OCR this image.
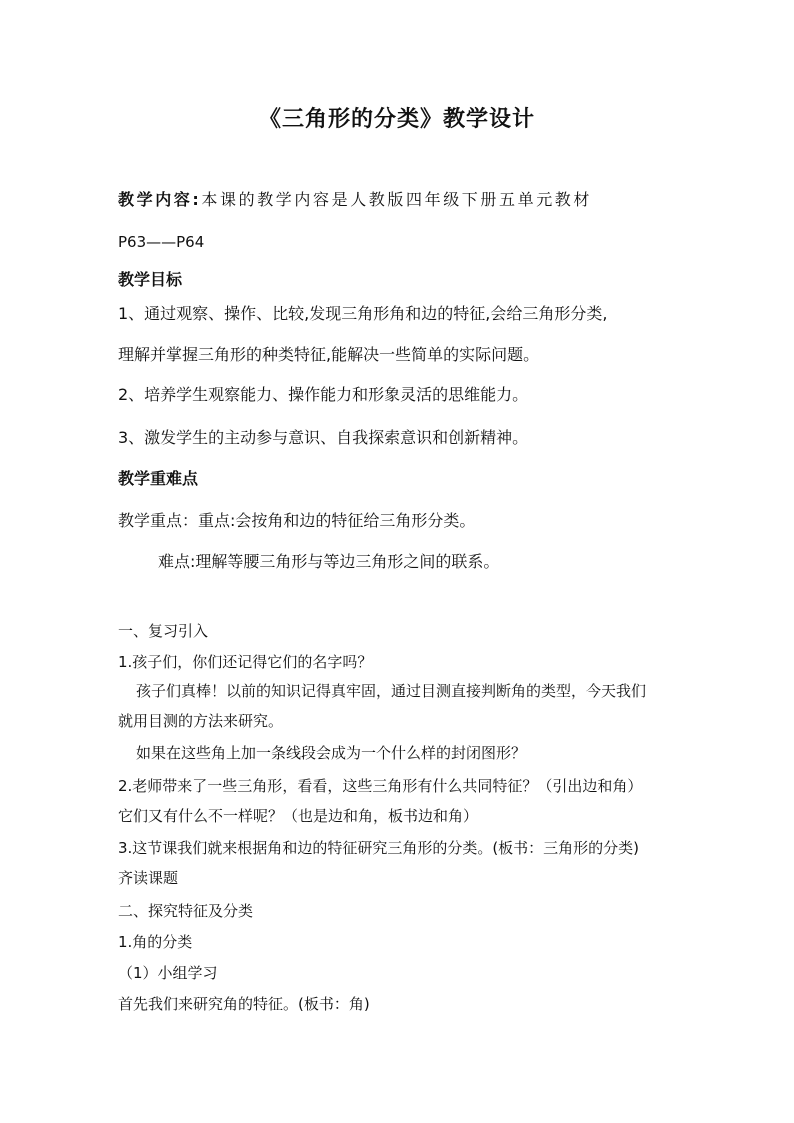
《三角形的分类》教学设计
教学内容:本课的教学内容是人教版四年级下册五单元教材
P63——P64
教学目标
1、通过观察、操作、比较,发现三角形角和边的特征,会给三角形分类,
理解并掌握三角形的种类特征,能解决一些简单的实际问题。
2、培养学生观察能力、操作能力和形象灵活的思维能力。
3、激发学生的主动参与意识、自我探索意识和创新精神。
教学重难点
教学重点：重点:会按角和边的特征给三角形分类。
难点:理解等腰三角形与等边三角形之间的联系。
一、复习引入
1.孩子们，你们还记得它们的名字吗？
孩子们真棒！以前的知识记得真牢固，通过目测直接判断角的类型，今天我们
就用目测的方法来研究。
如果在这些角上加一条线段会成为一个什么样的封闭图形？
2.老师带来了一些三角形，看看，这些三角形有什么共同特征？（引出边和角）
它们又有什么不一样呢？（也是边和角，板书边和角）
3.这节课我们就来根据角和边的特征研究三角形的分类。(板书：三角形的分类)
齐读课题
二、探究特征及分类
1.角的分类
（1）小组学习
首先我们来研究角的特征。(板书：角)
